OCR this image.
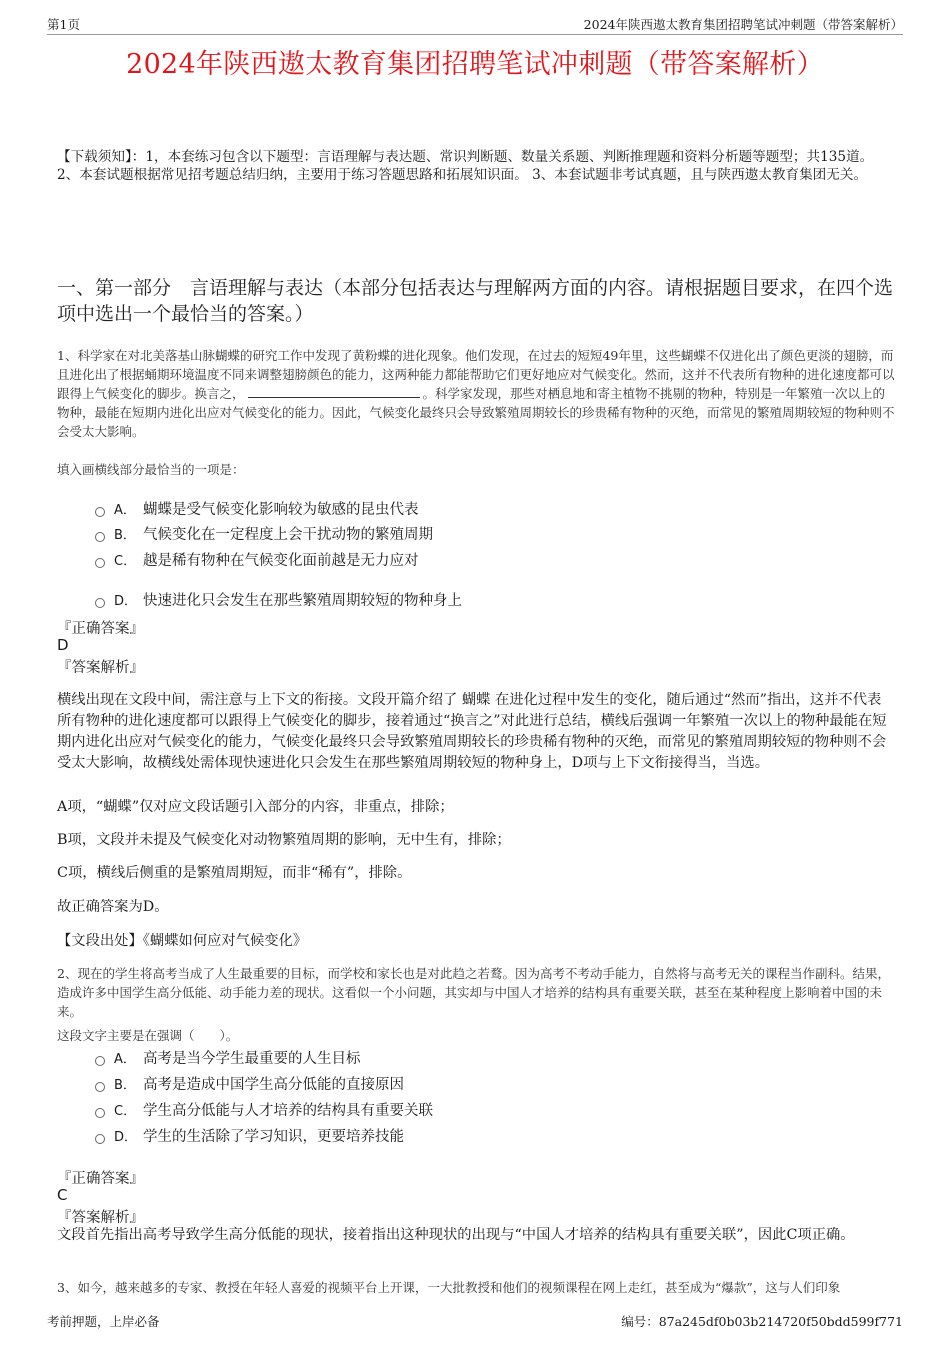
第1页	2024年陕西遨太教育集团招聘笔试冲刺题（带答案解析）
2024年陕西遨太教育集团招聘笔试冲刺题（带答案解析）
【下载须知】：1，本套练习包含以下题型：言语理解与表达题、常识判断题、数量关系题、判断推理题和资料分析题等题型；共135道。 2、本套试题根据常见招考题总结归纳，主要用于练习答题思路和拓展知识面。 3、本套试题非考试真题，且与陕西遨太教育集团无关。
一、第一部分　言语理解与表达（本部分包括表达与理解两方面的内容。请根据题目要求，在四个选项中选出一个最恰当的答案。）
1、科学家在对北美落基山脉蝴蝶的研究工作中发现了黄粉蝶的进化现象。他们发现，在过去的短短49年里，这些蝴蝶不仅进化出了颜色更淡的翅膀，而且进化出了根据蛹期环境温度不同来调整翅膀颜色的能力，这两种能力都能帮助它们更好地应对气候变化。然而，这并不代表所有物种的进化速度都可以跟得上气候变化的脚步。换言之，	。科学家发现，那些对栖息地和寄主植物不挑剔的物种，特别是一年繁殖一次以上的物种，最能在短期内进化出应对气候变化的能力。因此，气候变化最终只会导致繁殖周期较长的珍贵稀有物种的灭绝，而常见的繁殖周期较短的物种则不会受太大影响。
填入画横线部分最恰当的一项是：
A． 蝴蝶是受气候变化影响较为敏感的昆虫代表
B． 气候变化在一定程度上会干扰动物的繁殖周期
C． 越是稀有物种在气候变化面前越是无力应对
D． 快速进化只会发生在那些繁殖周期较短的物种身上
『正确答案』
D
『答案解析』
横线出现在文段中间，需注意与上下文的衔接。文段开篇介绍了 蝴蝶 在进化过程中发生的变化，随后通过“然而”指出，这并不代表所有物种的进化速度都可以跟得上气候变化的脚步，接着通过“换言之”对此进行总结，横线后强调一年繁殖一次以上的物种最能在短期内进化出应对气候变化的能力，气候变化最终只会导致繁殖周期较长的珍贵稀有物种的灭绝，而常见的繁殖周期较短的物种则不会受太大影响，故横线处需体现快速进化只会发生在那些繁殖周期较短的物种身上，D项与上下文衔接得当，当选。
A项，“蝴蝶”仅对应文段话题引入部分的内容，非重点，排除；
B项，文段并未提及气候变化对动物繁殖周期的影响，无中生有，排除；
C项，横线后侧重的是繁殖周期短，而非“稀有”，排除。
故正确答案为D。
【文段出处】《蝴蝶如何应对气候变化》
2、现在的学生将高考当成了人生最重要的目标，而学校和家长也是对此趋之若鹜。因为高考不考动手能力，自然将与高考无关的课程当作副科。结果，造成许多中国学生高分低能、动手能力差的现状。这看似一个小问题，其实却与中国人才培养的结构具有重要关联，甚至在某种程度上影响着中国的未来。
这段文字主要是在强调（　　）。
A． 高考是当今学生最重要的人生目标
B． 高考是造成中国学生高分低能的直接原因
C． 学生高分低能与人才培养的结构具有重要关联
D． 学生的生活除了学习知识，更要培养技能
『正确答案』
C
『答案解析』
文段首先指出高考导致学生高分低能的现状，接着指出这种现状的出现与“中国人才培养的结构具有重要关联”，因此C项正确。
3、如今，越来越多的专家、教授在年轻人喜爱的视频平台上开课，一大批教授和他们的视频课程在网上走红，甚至成为“爆款”，这与人们印象
考前押题，上岸必备	编号：87a245df0b03b214720f50bdd599f771
